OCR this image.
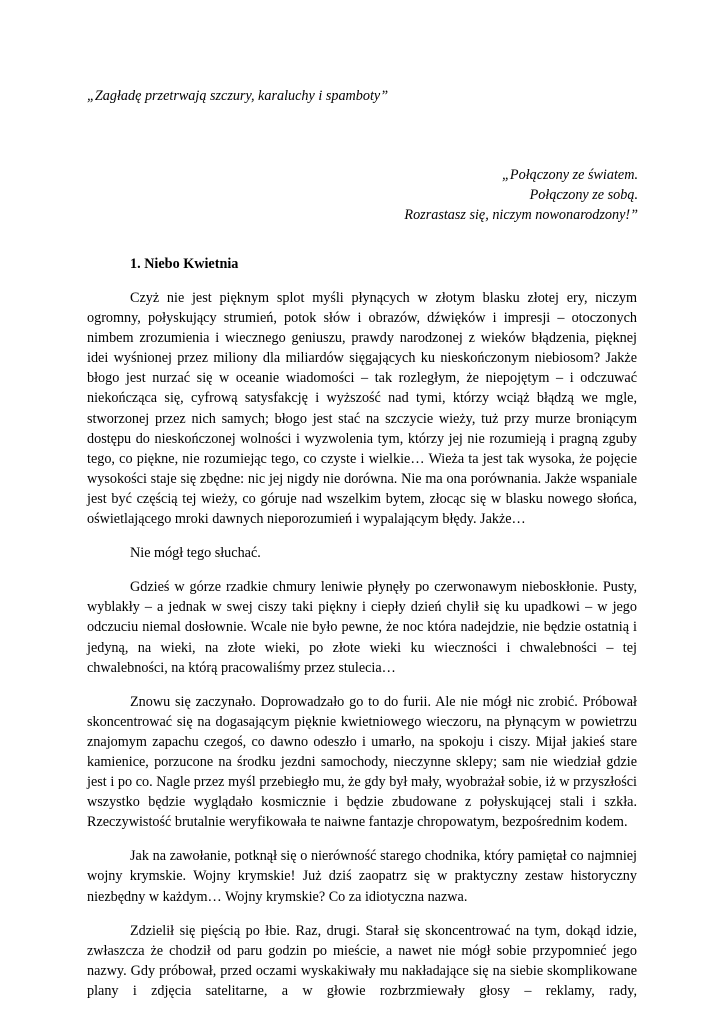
„Zagładę przetrwają szczury, karaluchy i spamboty”
„Połączony ze światem.
Połączony ze sobą.
Rozrastasz się, niczym nowonarodzony!”
1. Niebo Kwietnia

Czyż nie jest pięknym splot myśli płynących w złotym blasku złotej ery, niczym ogromny, połyskujący strumień, potok słów i obrazów, dźwięków i impresji – otoczonych nimbem zrozumienia i wiecznego geniuszu, prawdy narodzonej z wieków błądzenia, pięknej idei wyśnionej przez miliony dla miliardów sięgających ku nieskończonym niebiosom? Jakże błogo jest nurzać się w oceanie wiadomości – tak rozległym, że niepojętym – i odczuwać niekończąca się, cyfrową satysfakcję i wyższość nad tymi, którzy wciąż błądzą we mgle, stworzonej przez nich samych; błogo jest stać na szczycie wieży, tuż przy murze broniącym dostępu do nieskończonej wolności i wyzwolenia tym, którzy jej nie rozumieją i pragną zguby tego, co piękne, nie rozumiejąc tego, co czyste i wielkie… Wieża ta jest tak wysoka, że pojęcie wysokości staje się zbędne: nic jej nigdy nie dorówna. Nie ma ona porównania. Jakże wspaniale jest być częścią tej wieży, co góruje nad wszelkim bytem, złocąc się w blasku nowego słońca, oświetlającego mroki dawnych nieporozumień i wypalającym błędy. Jakże…

Nie mógł tego słuchać.

Gdzieś w górze rzadkie chmury leniwie płynęły po czerwonawym nieboskłonie. Pusty, wyblakły – a jednak w swej ciszy taki piękny i ciepły dzień chylił się ku upadkowi – w jego odczuciu niemal dosłownie. Wcale nie było pewne, że noc która nadejdzie, nie będzie ostatnią i jedyną, na wieki, na złote wieki, po złote wieki ku wieczności i chwalebności – tej chwalebności, na którą pracowaliśmy przez stulecia…

Znowu się zaczynało. Doprowadzało go to do furii. Ale nie mógł nic zrobić. Próbował skoncentrować się na dogasającym pięknie kwietniowego wieczoru, na płynącym w powietrzu znajomym zapachu czegoś, co dawno odeszło i umarło, na spokoju i ciszy. Mijał jakieś stare kamienice, porzucone na środku jezdni samochody, nieczynne sklepy; sam nie wiedział gdzie jest i po co. Nagle przez myśl przebiegło mu, że gdy był mały, wyobrażał sobie, iż w przyszłości wszystko będzie wyglądało kosmicznie i będzie zbudowane z połyskującej stali i szkła. Rzeczywistość brutalnie weryfikowała te naiwne fantazje chropowatym, bezpośrednim kodem.

Jak na zawołanie, potknął się o nierówność starego chodnika, który pamiętał co najmniej wojny krymskie. Wojny krymskie! Już dziś zaopatrz się w praktyczny zestaw historyczny niezbędny w każdym… Wojny krymskie? Co za idiotyczna nazwa.

Zdzielił się pięścią po łbie. Raz, drugi. Starał się skoncentrować na tym, dokąd idzie, zwłaszcza że chodził od paru godzin po mieście, a nawet nie mógł sobie przypomnieć jego nazwy. Gdy próbował, przed oczami wyskakiwały mu nakładające się na siebie skomplikowane plany i zdjęcia satelitarne, a w głowie rozbrzmiewały głosy – reklamy, rady,
